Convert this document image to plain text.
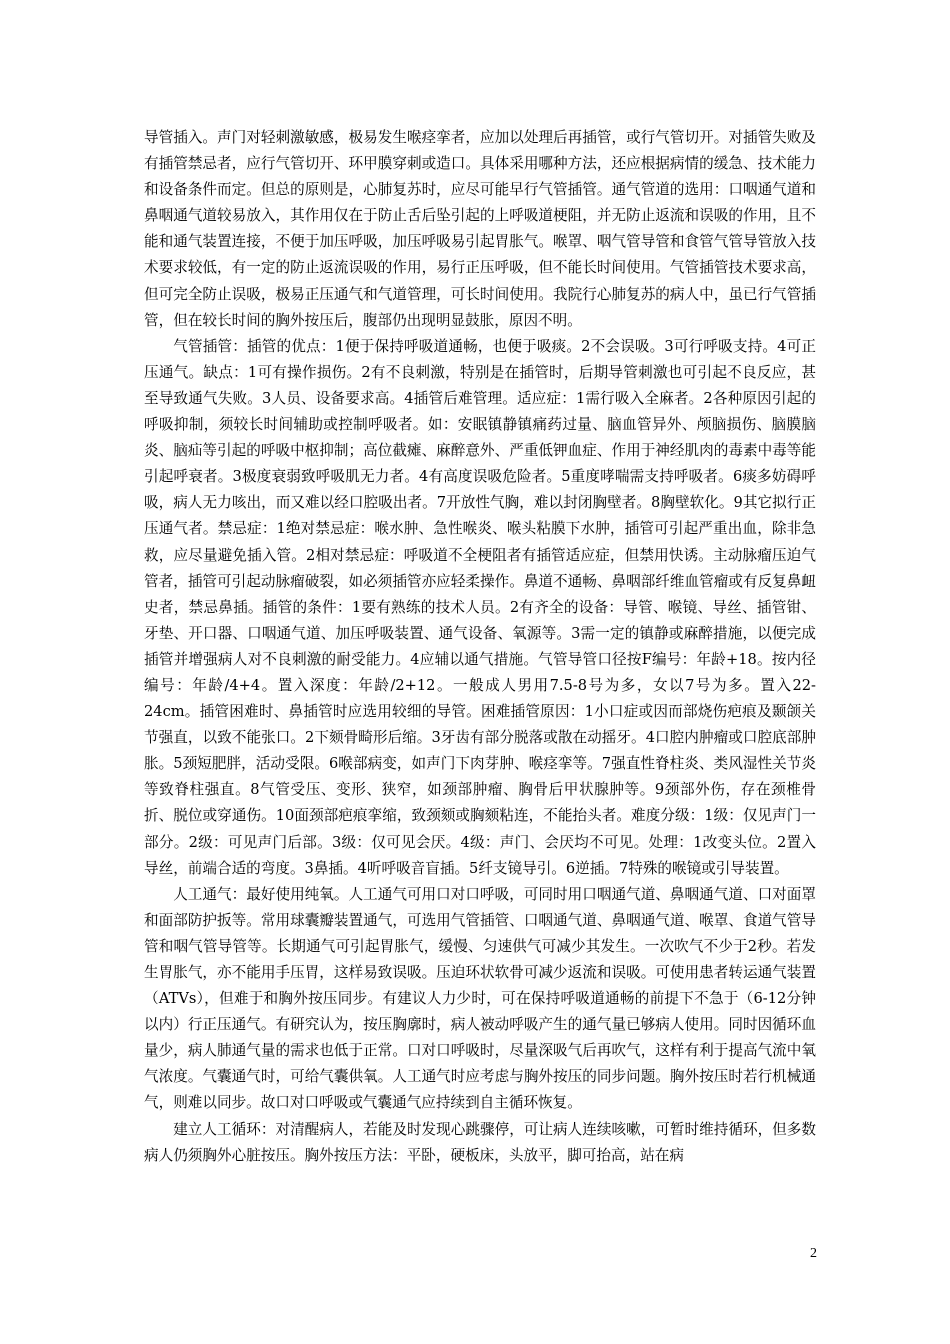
导管插入。声门对轻刺激敏感，极易发生喉痉挛者，应加以处理后再插管，或行气管切开。对插管失败及有插管禁忌者，应行气管切开、环甲膜穿刺或造口。具体采用哪种方法，还应根据病情的缓急、技术能力和设备条件而定。但总的原则是，心肺复苏时，应尽可能早行气管插管。通气管道的选用：口咽通气道和鼻咽通气道较易放入，其作用仅在于防止舌后坠引起的上呼吸道梗阻，并无防止返流和误吸的作用，且不能和通气装置连接，不便于加压呼吸，加压呼吸易引起胃胀气。喉罩、咽气管导管和食管气管导管放入技术要求较低，有一定的防止返流误吸的作用，易行正压呼吸，但不能长时间使用。气管插管技术要求高，但可完全防止误吸，极易正压通气和气道管理，可长时间使用。我院行心肺复苏的病人中，虽已行气管插管，但在较长时间的胸外按压后，腹部仍出现明显鼓胀，原因不明。

气管插管：插管的优点：1便于保持呼吸道通畅，也便于吸痰。2不会误吸。3可行呼吸支持。4可正压通气。缺点：1可有操作损伤。2有不良刺激，特别是在插管时，后期导管刺激也可引起不良反应，甚至导致通气失败。3人员、设备要求高。4插管后难管理。适应症：1需行吸入全麻者。2各种原因引起的呼吸抑制，须较长时间辅助或控制呼吸者。如：安眠镇静镇痛药过量、脑血管异外、颅脑损伤、脑膜脑炎、脑疝等引起的呼吸中枢抑制；高位截瘫、麻醉意外、严重低钾血症、作用于神经肌肉的毒素中毒等能引起呼衰者。3极度衰弱致呼吸肌无力者。4有高度误吸危险者。5重度哮喘需支持呼吸者。6痰多妨碍呼吸，病人无力咳出，而又难以经口腔吸出者。7开放性气胸，难以封闭胸壁者。8胸壁软化。9其它拟行正压通气者。禁忌症：1绝对禁忌症：喉水肿、急性喉炎、喉头粘膜下水肿，插管可引起严重出血，除非急救，应尽量避免插入管。2相对禁忌症：呼吸道不全梗阻者有插管适应症，但禁用快诱。主动脉瘤压迫气管者，插管可引起动脉瘤破裂，如必须插管亦应轻柔操作。鼻道不通畅、鼻咽部纤维血管瘤或有反复鼻衄史者，禁忌鼻插。插管的条件：1要有熟练的技术人员。2有齐全的设备：导管、喉镜、导丝、插管钳、牙垫、开口器、口咽通气道、加压呼吸装置、通气设备、氧源等。3需一定的镇静或麻醉措施，以便完成插管并增强病人对不良刺激的耐受能力。4应辅以通气措施。气管导管口径按F编号：年龄+18。按内径编号：年龄/4+4。置入深度：年龄/2+12。一般成人男用7.5-8号为多，女以7号为多。置入22-24cm。插管困难时、鼻插管时应选用较细的导管。困难插管原因：1小口症或因而部烧伤疤痕及颞颌关节强直，以致不能张口。2下颏骨畸形后缩。3牙齿有部分脱落或散在动摇牙。4口腔内肿瘤或口腔底部肿胀。5颈短肥胖，活动受限。6喉部病变，如声门下肉芽肿、喉痉挛等。7强直性脊柱炎、类风湿性关节炎等致脊柱强直。8气管受压、变形、狭窄，如颈部肿瘤、胸骨后甲状腺肿等。9颈部外伤，存在颈椎骨折、脱位或穿通伤。10面颈部疤痕挛缩，致颈颏或胸颏粘连，不能抬头者。难度分级：1级：仅见声门一部分。2级：可见声门后部。3级：仅可见会厌。4级：声门、会厌均不可见。处理：1改变头位。2置入导丝，前端合适的弯度。3鼻插。4听呼吸音盲插。5纤支镜导引。6逆插。7特殊的喉镜或引导装置。

人工通气：最好使用纯氧。人工通气可用口对口呼吸，可同时用口咽通气道、鼻咽通气道、口对面罩和面部防护扳等。常用球囊瓣装置通气，可选用气管插管、口咽通气道、鼻咽通气道、喉罩、食道气管导管和咽气管导管等。长期通气可引起胃胀气，缓慢、匀速供气可减少其发生。一次吹气不少于2秒。若发生胃胀气，亦不能用手压胃，这样易致误吸。压迫环状软骨可减少返流和误吸。可使用患者转运通气装置（ATVs），但难于和胸外按压同步。有建议人力少时，可在保持呼吸道通畅的前提下不急于（6-12分钟以内）行正压通气。有研究认为，按压胸廓时，病人被动呼吸产生的通气量已够病人使用。同时因循环血量少，病人肺通气量的需求也低于正常。口对口呼吸时，尽量深吸气后再吹气，这样有利于提高气流中氧气浓度。气囊通气时，可给气囊供氧。人工通气时应考虑与胸外按压的同步问题。胸外按压时若行机械通气，则难以同步。故口对口呼吸或气囊通气应持续到自主循环恢复。

建立人工循环：对清醒病人，若能及时发现心跳骤停，可让病人连续咳嗽，可暂时维持循环，但多数病人仍须胸外心脏按压。胸外按压方法：平卧，硬板床，头放平，脚可抬高，站在病

2
